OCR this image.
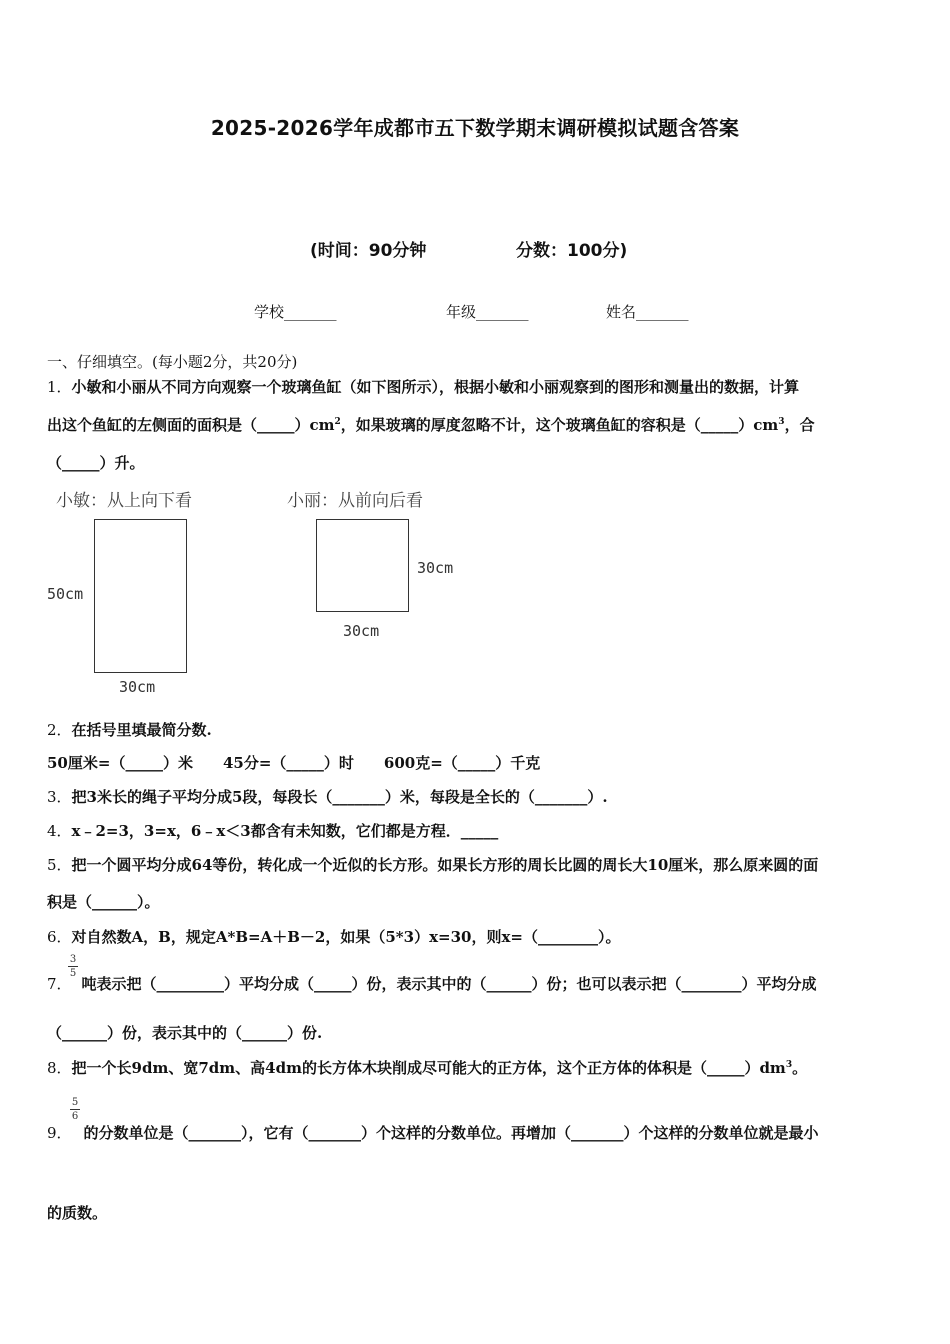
2025-2026学年成都市五下数学期末调研模拟试题含答案
(时间：90分钟	分数：100分)
学校_______	年级_______	姓名_______
一、仔细填空。(每小题2分，共20分)
1．小敏和小丽从不同方向观察一个玻璃鱼缸（如下图所示），根据小敏和小丽观察到的图形和测量出的数据，计算
出这个鱼缸的左侧面的面积是$(\_\_\_\_\_)cm^2$，如果玻璃的厚度忽略不计，这个玻璃鱼缸的容积是$(\_\_\_\_\_)cm^3$，合
（_____）升。
小敏：从上向下看	小丽：从前向后看
50cm
30cm
30cm
30cm
2．在括号里填最简分数.
50厘米=（_____）米　　45分=（_____）时　　600克=（_____）千克
3．把3米长的绳子平均分成5段，每段长（_______）米，每段是全长的（_______）.
4．x﹣2=3，3=x，6﹣x＜3都含有未知数，它们都是方程．_____
5．把一个圆平均分成64等份，转化成一个近似的长方形。如果长方形的周长比圆的周长大10厘米，那么原来圆的面
积是（______）。
6．对自然数A，B，规定A*B=A＋B－2，如果（5*3）x=30，则x=（________）。
3
5
7． 吨表示把（_________）平均分成（_____）份，表示其中的（______）份；也可以表示把（________）平均分成
（______）份，表示其中的（______）份.
8．把一个长9dm、宽7dm、高4dm的长方体木块削成尽可能大的正方体，这个正方体的体积是$(\_\_\_\_\_)dm^3$。
5
6
9． 的分数单位是（_______），它有（_______）个这样的分数单位。再增加（_______）个这样的分数单位就是最小
的质数。
